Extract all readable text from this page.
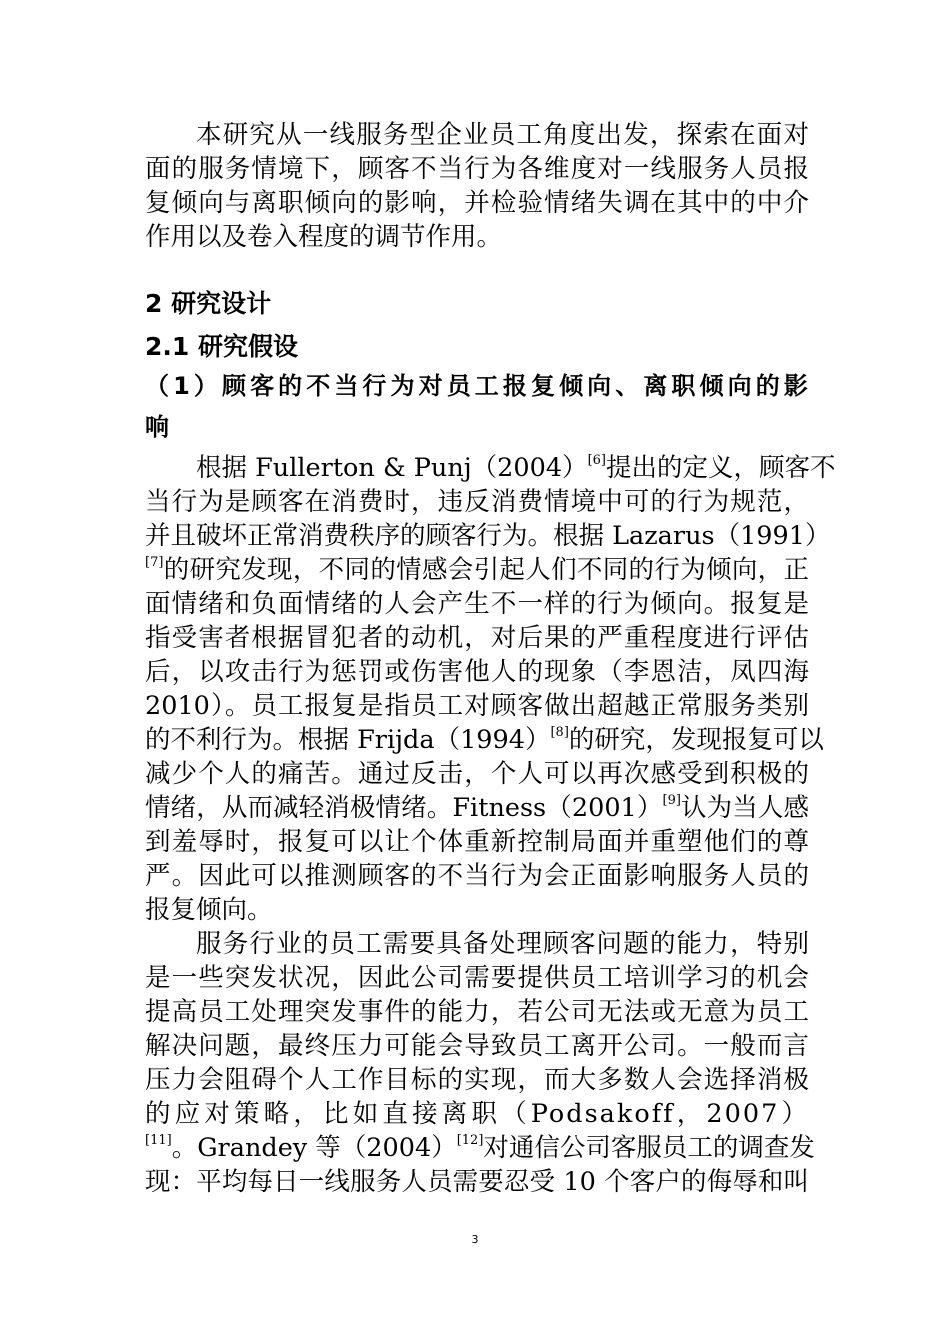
本研究从一线服务型企业员工角度出发，探索在面对
面的服务情境下，顾客不当行为各维度对一线服务人员报
复倾向与离职倾向的影响，并检验情绪失调在其中的中介
作用以及卷入程度的调节作用。
2 研究设计
2.1 研究假设
（1）顾客的不当行为对员工报复倾向、离职倾向的影
响
根据 Fullerton & Punj（2004）[6]提出的定义，顾客不
当行为是顾客在消费时，违反消费情境中可的行为规范，
并且破坏正常消费秩序的顾客行为。根据 Lazarus（1991）
[7]的研究发现，不同的情感会引起人们不同的行为倾向，正
面情绪和负面情绪的人会产生不一样的行为倾向。报复是
指受害者根据冒犯者的动机，对后果的严重程度进行评估
后，以攻击行为惩罚或伤害他人的现象（李恩洁，凤四海
2010）。员工报复是指员工对顾客做出超越正常服务类别
的不利行为。根据 Frijda（1994）[8]的研究，发现报复可以
减少个人的痛苦。通过反击，个人可以再次感受到积极的
情绪，从而减轻消极情绪。Fitness（2001）[9]认为当人感
到羞辱时，报复可以让个体重新控制局面并重塑他们的尊
严。因此可以推测顾客的不当行为会正面影响服务人员的
报复倾向。
服务行业的员工需要具备处理顾客问题的能力，特别
是一些突发状况，因此公司需要提供员工培训学习的机会
提高员工处理突发事件的能力，若公司无法或无意为员工
解决问题，最终压力可能会导致员工离开公司。一般而言
压力会阻碍个人工作目标的实现，而大多数人会选择消极
的应对策略，比如直接离职（Podsakoff，2007）
[11]。Grandey 等（2004）[12]对通信公司客服员工的调查发
现：平均每日一线服务人员需要忍受 10 个客户的侮辱和叫
3
